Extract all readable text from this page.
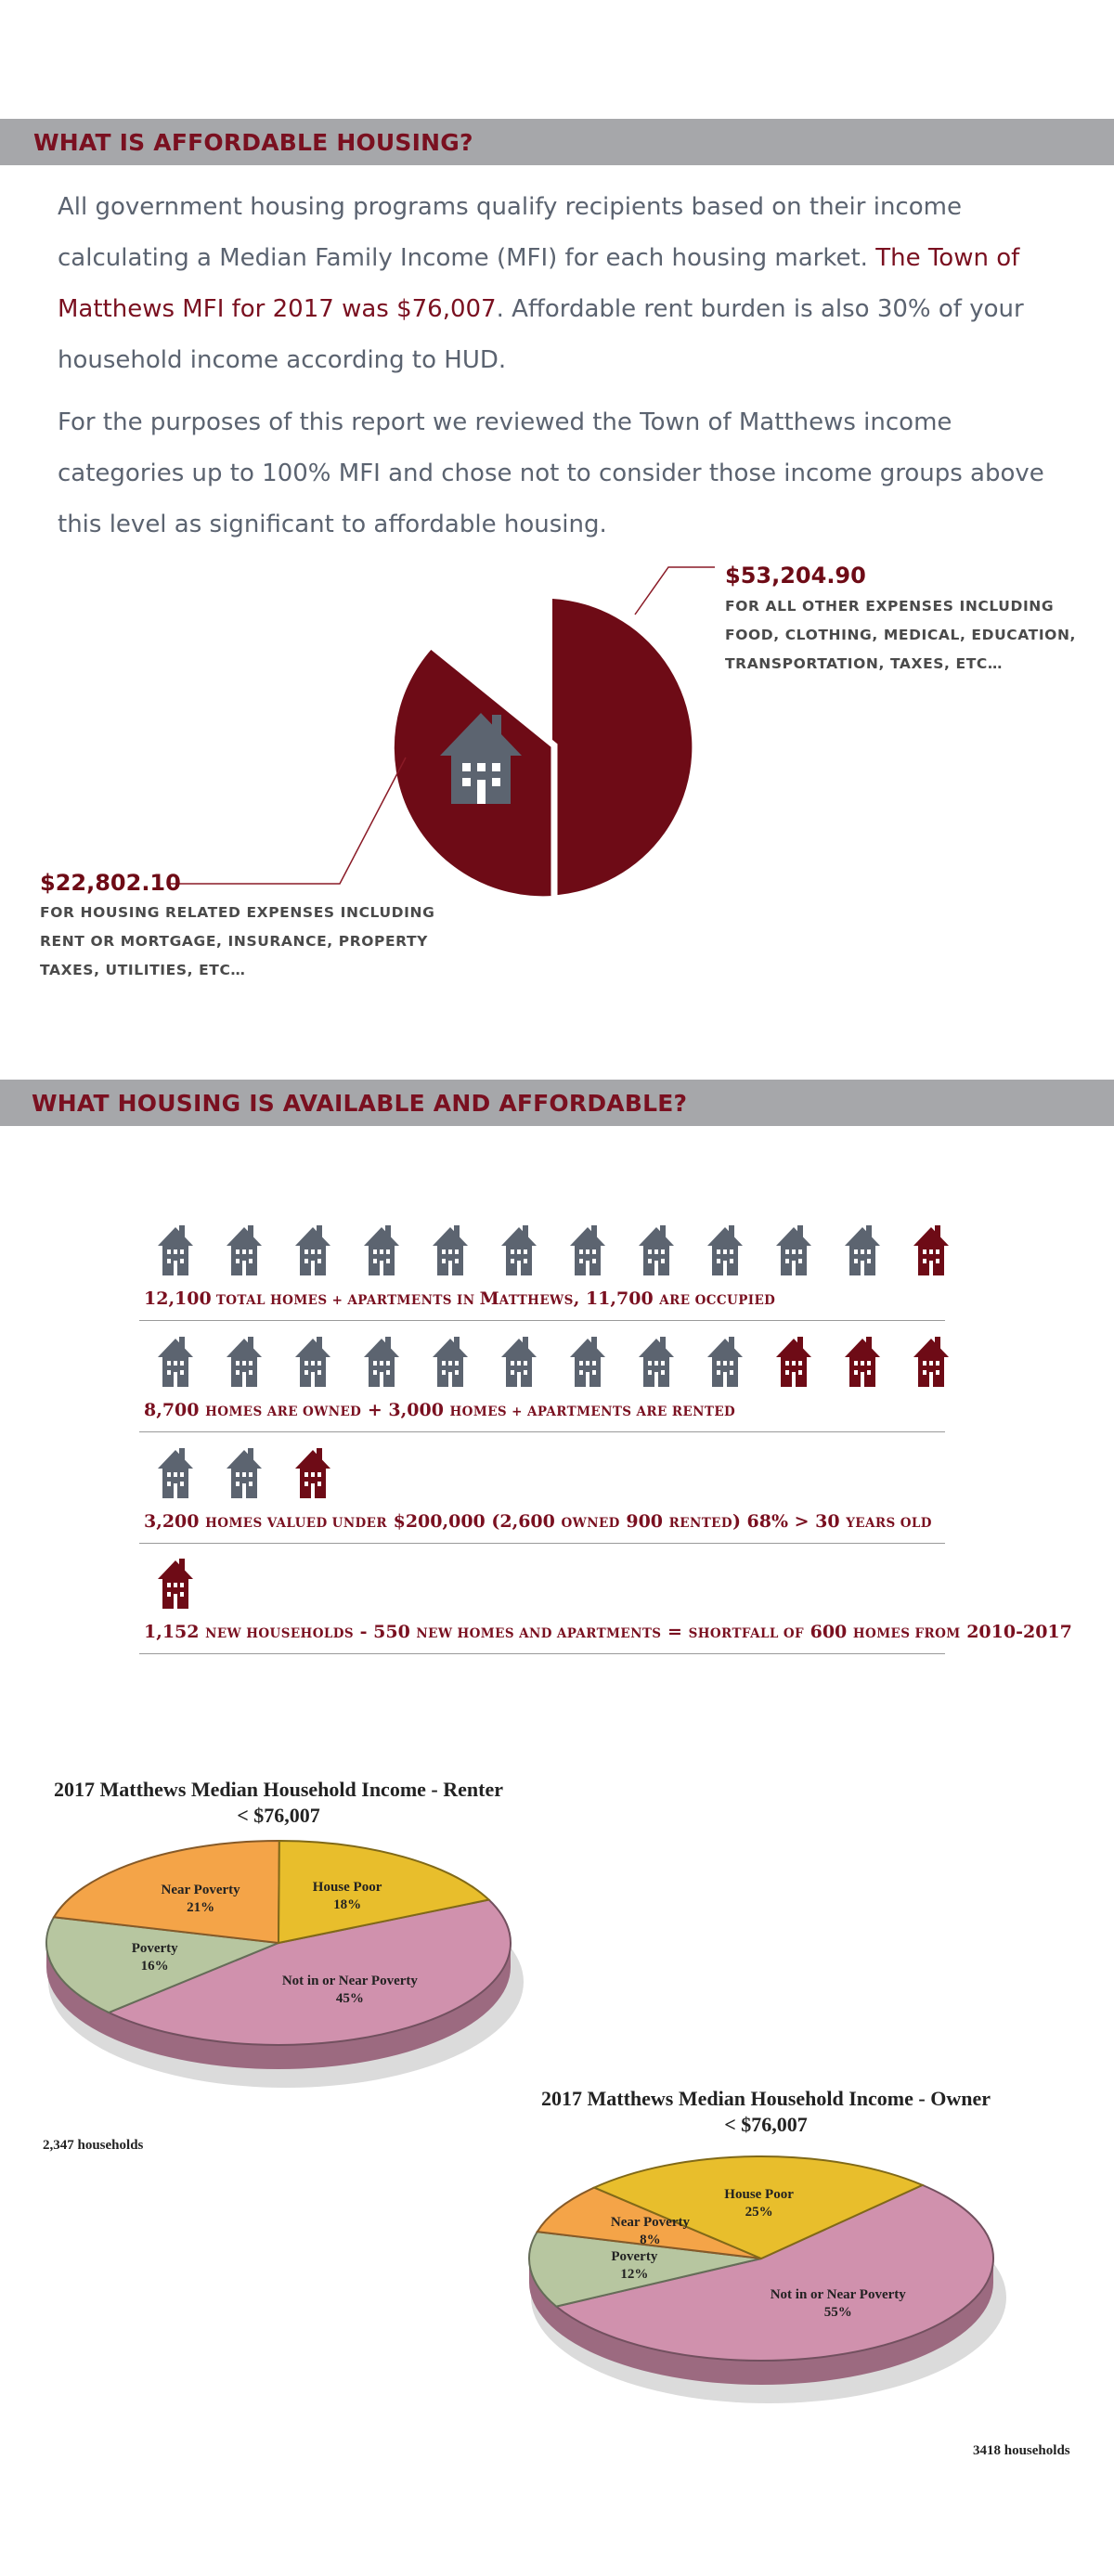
WHAT IS AFFORDABLE HOUSING?

All government housing programs qualify recipients based on their income calculating a Median Family Income (MFI) for each housing market. The Town of Matthews MFI for 2017 was $76,007. Affordable rent burden is also 30% of your household income according to HUD.

For the purposes of this report we reviewed the Town of Matthews income categories up to 100% MFI and chose not to consider those income groups above this level as significant to affordable housing.

$53,204.90
FOR ALL OTHER EXPENSES INCLUDING
FOOD, CLOTHING, MEDICAL, EDUCATION,
TRANSPORTATION, TAXES, ETC…
$22,802.10
FOR HOUSING RELATED EXPENSES INCLUDING
RENT OR MORTGAGE, INSURANCE, PROPERTY
TAXES, UTILITIES, ETC…
WHAT HOUSING IS AVAILABLE AND AFFORDABLE?
12,100 TOTAL HOMES + APARTMENTS IN MATTHEWS, 11,700 ARE OCCUPIED
8,700 HOMES ARE OWNED + 3,000 HOMES + APARTMENTS ARE RENTED
3,200 HOMES VALUED UNDER $200,000 (2,600 OWNED 900 RENTED) 68% > 30 YEARS OLD
1,152 NEW HOUSEHOLDS - 550 NEW HOMES AND APARTMENTS = SHORTFALL OF 600 HOMES FROM 2010-2017
2017 Matthews Median Household Income - Renter
< $76,007
2,347 households
2017 Matthews Median Household Income - Owner
< $76,007
3418 households
Not in or Near Poverty
45%
Poverty
16%
Near Poverty
21%
House Poor
18%
Not in or Near Poverty
55%
Poverty
12%
Near Poverty
8%
House Poor
25%
